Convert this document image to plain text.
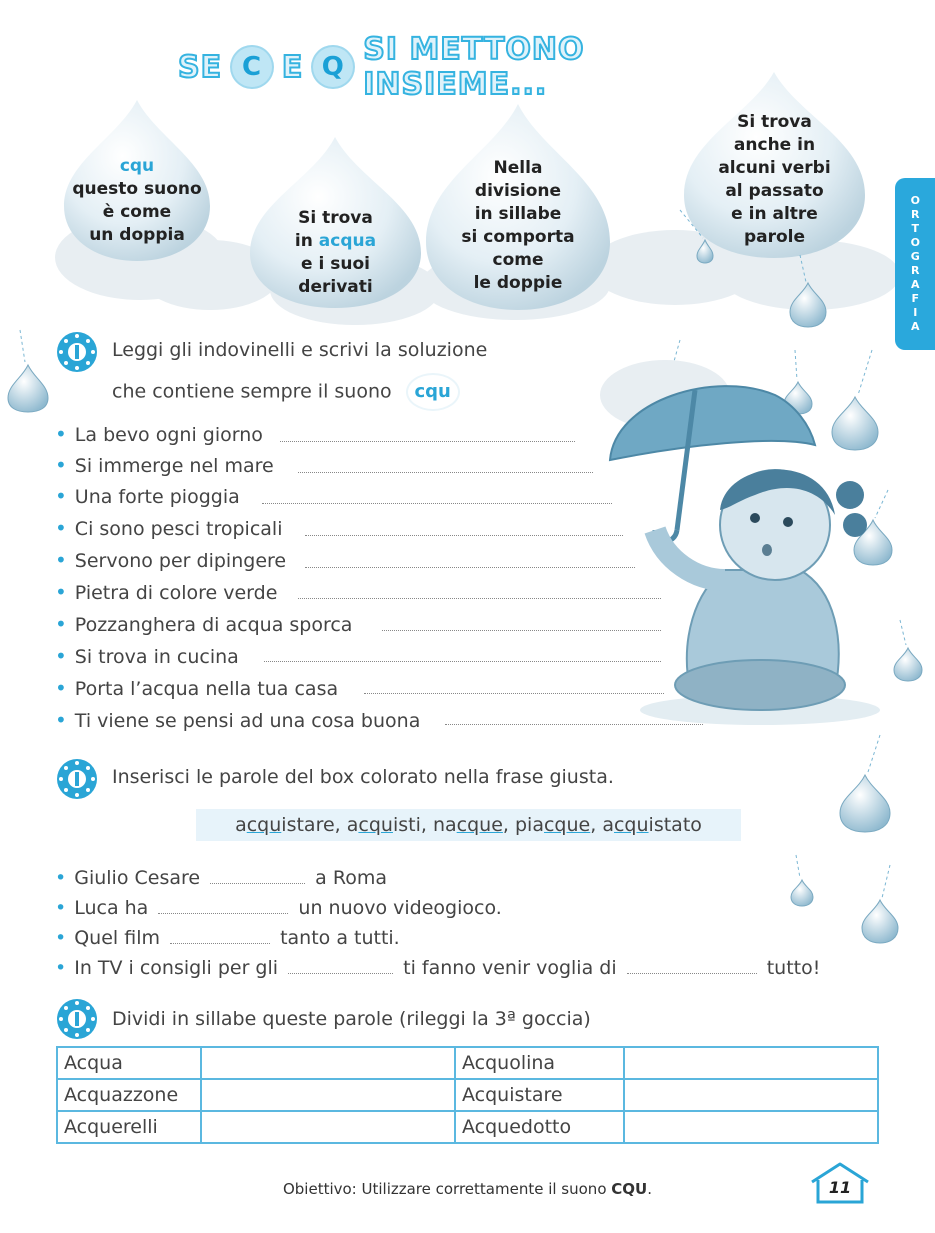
SE C E Q SI METTONO INSIEME...
cqu
questo suono
è come
un doppia
Si trova
in acqua
e i suoi
derivati
Nella
divisione
in sillabe
si comporta
come
le doppie
Si trova
anche in
alcuni verbi
al passato
e in altre
parole	ORTOGRAFIA
Leggi gli indovinelli e scrivi la soluzione
che contiene sempre il suono cqu
• La bevo ogni giorno
• Si immerge nel mare
• Una forte pioggia
• Ci sono pesci tropicali
• Servono per dipingere
• Pietra di colore verde
• Pozzanghera di acqua sporca
• Si trova in cucina
• Porta l’acqua nella tua casa
• Ti viene se pensi ad una cosa buona
Inserisci le parole del box colorato nella frase giusta.
acquistare, acquisti, nacque, piacque, acquistato
• Giulio Cesare	a Roma
• Luca ha	un nuovo videogioco.
• Quel film	tanto a tutti.
• In TV i consigli per gli	ti fanno venir voglia di	tutto!
Dividi in sillabe queste parole (rileggi la 3ª goccia)
Acqua		Acquolina	
Acquazzone		Acquistare	
Acquerelli		Acquedotto	
Obiettivo: Utilizzare correttamente il suono CQU.	11
